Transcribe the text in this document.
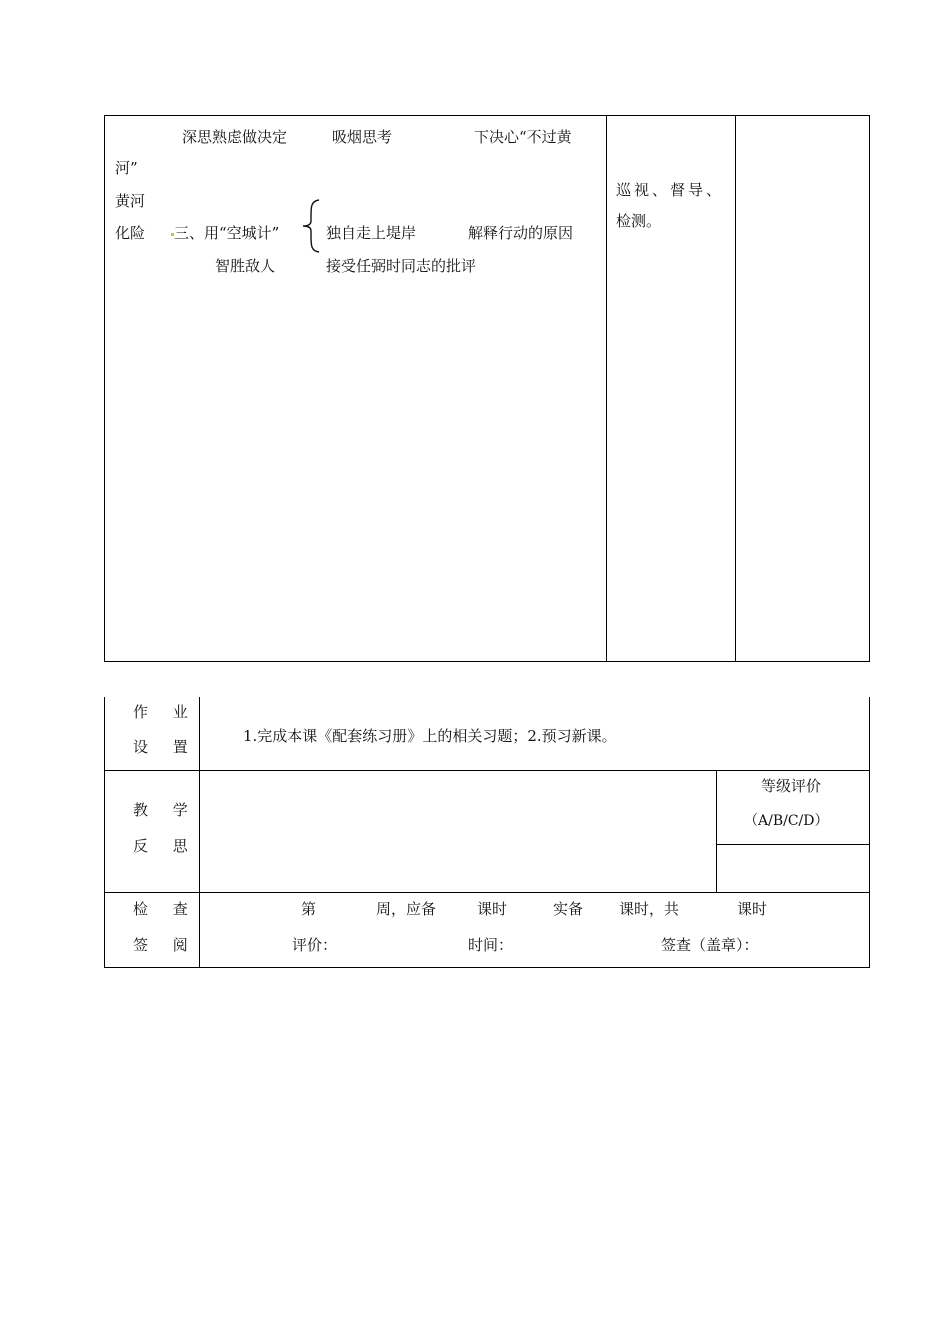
深思熟虑做决定	吸烟思考	下决心“不过黄
河”
黄河
化险 三、用“空城计”
智胜敌人
独自走上堤岸	解释行动的原因
接受任弼时同志的批评
巡视、督导、
检测。
作 业
设 置
1.完成本课《配套练习册》上的相关习题；2.预习新课。
教 学
反 思
等级评价
（A/B/C/D）
检 查
签 阅
第	周，应备	课时	实备 课时，共	课时
评价：	时间：	签查（盖章）：
